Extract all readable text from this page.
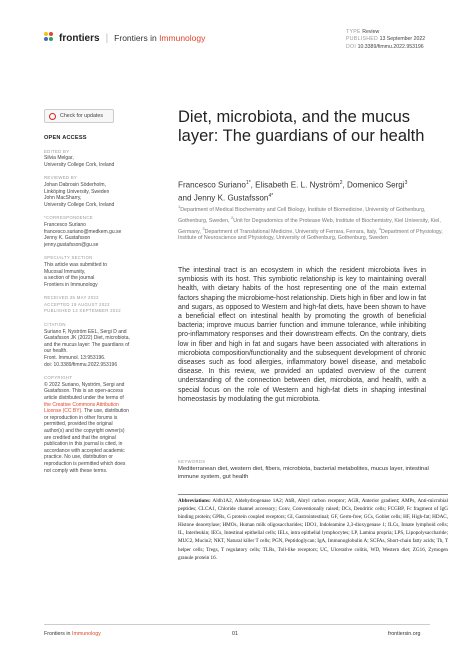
frontiers | Frontiers in Immunology
TYPE Review
PUBLISHED 13 September 2022
DOI 10.3389/fimmu.2022.953196
Check for updates
OPEN ACCESS
EDITED BY
Silvia Melgar,
University College Cork, Ireland
REVIEWED BY
Johan Dabrosin Söderholm,
Linköping University, Sweden
John MacSharry,
University College Cork, Ireland
*CORRESPONDENCE
Francesco Suriano
francesco.suriano@medkem.gu.se
Jenny K. Gustafsson
jenny.gustafsson@gu.se
SPECIALTY SECTION
This article was submitted to
Mucosal Immunity,
a section of the journal
Frontiers in Immunology
RECEIVED 25 MAY 2022
ACCEPTED 19 AUGUST 2022
PUBLISHED 13 SEPTEMBER 2022
CITATION
Suriano F, Nyström EEL, Sergi D and
Gustafsson JK (2022) Diet, microbiota,
and the mucus layer: The guardians of
our health.
Front. Immunol. 13:953196.
doi: 10.3389/fimmu.2022.953196
COPYRIGHT
© 2022 Suriano, Nyström, Sergi and
Gustafsson. This is an open-access
article distributed under the terms of
the Creative Commons Attribution
License (CC BY). The use, distribution
or reproduction in other forums is
permitted, provided the original
author(s) and the copyright owner(s)
are credited and that the original
publication in this journal is cited, in
accordance with accepted academic
practice. No use, distribution or
reproduction is permitted which does
not comply with these terms.
Diet, microbiota, and the mucus layer: The guardians of our health
Francesco Suriano$^{1*}$, Elisabeth E. L. Nyström$^2$, Domenico Sergi$^3$
and Jenny K. Gustafsson$^{4*}$
$^1$Department of Medical Biochemistry and Cell Biology, Institute of Biomedicine, University of Gothenburg, Gothenburg, Sweden, $^2$Unit for Degradomics of the Protease Web, Institute of Biochemistry, Kiel University, Kiel, Germany, $^3$Department of Translational Medicine, University of Ferrara, Ferrara, Italy, $^4$Department of Physiology, Institute of Neuroscience and Physiology, University of Gothenburg, Gothenburg, Sweden

The intestinal tract is an ecosystem in which the resident microbiota lives in symbiosis with its host. This symbiotic relationship is key to maintaining overall health, with dietary habits of the host representing one of the main external factors shaping the microbiome-host relationship. Diets high in fiber and low in fat and sugars, as opposed to Western and high-fat diets, have been shown to have a beneficial effect on intestinal health by promoting the growth of beneficial bacteria; improve mucus barrier function and immune tolerance, while inhibiting pro-inflammatory responses and their downstream effects. On the contrary, diets low in fiber and high in fat and sugars have been associated with alterations in microbiota composition/functionality and the subsequent development of chronic diseases such as food allergies, inflammatory bowel disease, and metabolic disease. In this review, we provided an updated overview of the current understanding of the connection between diet, microbiota, and health, with a special focus on the role of Western and high-fat diets in shaping intestinal homeostasis by modulating the gut microbiota.

KEYWORDS
Mediterranean diet, western diet, fibers, microbiota, bacterial metabolites, mucus layer, intestinal immune system, gut health
Abbreviations: Aldh1A2, Aldehydrogenase 1A2; AhR, Abryl carbon receptor; AGR, Anterior gradient; AMPs, Anti-microbial peptides; CLCA1, Chloride channel accessory; Conv, Conventionally raised; DCs, Dendritic cells; FCGBP, Fc fragment of IgG binding protein; GPRs, G protein coupled receptors; GI, Gastrointestinal; GF, Germ-free; GCs, Goblet cells; HF, High-fat; HDAC, Histone deacetylase; HMOs, Human milk oligosaccharides; IDO1, Indoleamine 2,3-dioxygenase 1; ILCs, Innate lymphoid cells; IL, Interleukin; IECs, Intestinal epithelial cells; IELs, intra epithelial lymphocytes; LP, Lamina propria; LPS, Lipopolysaccharide; MUC2, Mucin2; NKT, Natural killer T cells; PGN, Peptidoglycan; IgA, Immunoglobulin A; SCFAs, Short-chain fatty acids; Th, T helper cells; Tregs, T regulatory cells; TLRs, Toll-like receptors; UC, Ulcerative colitis, WD, Western diet; ZG16, Zymogen granule protein 16.
Frontiers in Immunology	01	frontiersin.org
